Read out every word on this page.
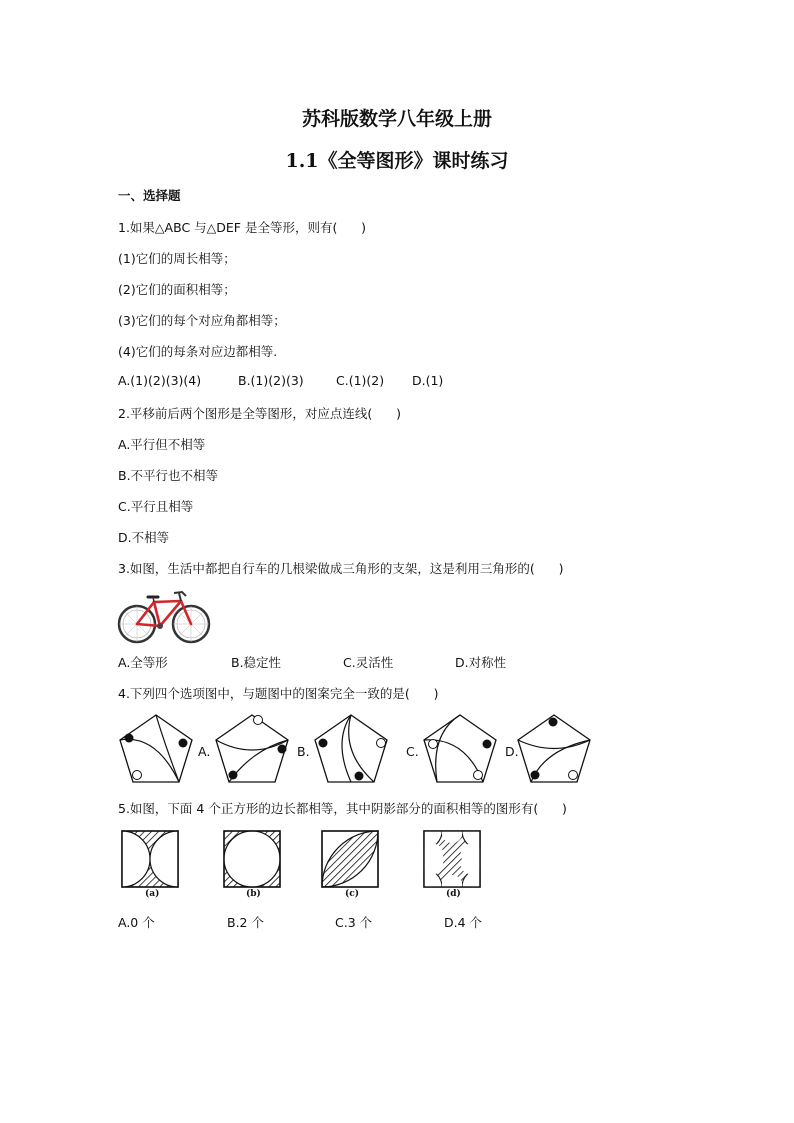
苏科版数学八年级上册
1.1《全等图形》课时练习
一、选择题
1.如果△ABC 与△DEF 是全等形，则有(      )
(1)它们的周长相等；
(2)它们的面积相等；
(3)它们的每个对应角都相等；
(4)它们的每条对应边都相等.
A.(1)(2)(3)(4)	B.(1)(2)(3)	C.(1)(2) D.(1)
2.平移前后两个图形是全等图形，对应点连线(      )
A.平行但不相等
B.不平行也不相等
C.平行且相等
D.不相等
3.如图，生活中都把自行车的几根梁做成三角形的支架，这是利用三角形的(      )
A.全等形	B.稳定性	C.灵活性	D.对称性
4.下列四个选项图中，与题图中的图案完全一致的是(      )
A.	B.	C.	D.
5.如图，下面 4 个正方形的边长都相等，其中阴影部分的面积相等的图形有(      )
(a)	(b)	(c)	(d)
A.0 个	B.2 个	C.3 个	D.4 个
